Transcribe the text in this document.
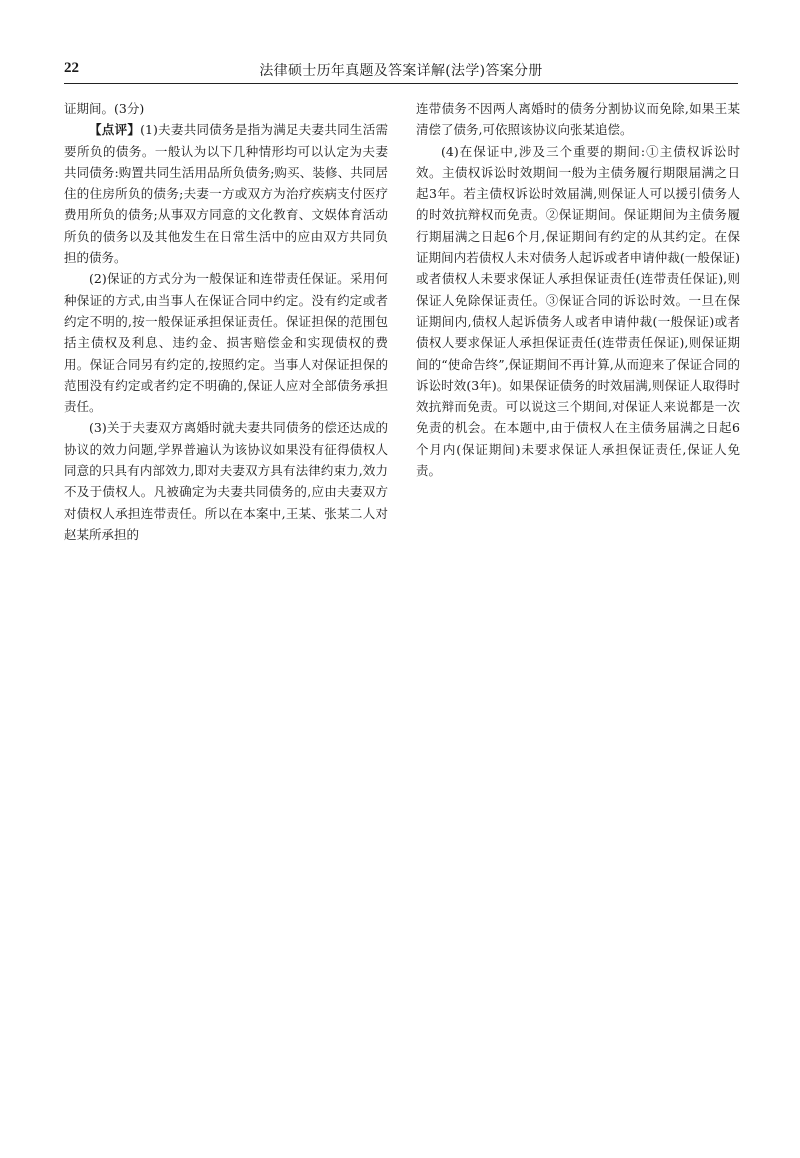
22	法律硕士历年真题及答案详解(法学)答案分册

证期间。(3分)

【点评】(1)夫妻共同债务是指为满足夫妻共同生活需要所负的债务。一般认为以下几种情形均可以认定为夫妻共同债务:购置共同生活用品所负债务;购买、装修、共同居住的住房所负的债务;夫妻一方或双方为治疗疾病支付医疗费用所负的债务;从事双方同意的文化教育、文娱体育活动所负的债务以及其他发生在日常生活中的应由双方共同负担的债务。

(2)保证的方式分为一般保证和连带责任保证。采用何种保证的方式,由当事人在保证合同中约定。没有约定或者约定不明的,按一般保证承担保证责任。保证担保的范围包括主债权及利息、违约金、损害赔偿金和实现债权的费用。保证合同另有约定的,按照约定。当事人对保证担保的范围没有约定或者约定不明确的,保证人应对全部债务承担责任。

(3)关于夫妻双方离婚时就夫妻共同债务的偿还达成的协议的效力问题,学界普遍认为该协议如果没有征得债权人同意的只具有内部效力,即对夫妻双方具有法律约束力,效力不及于债权人。凡被确定为夫妻共同债务的,应由夫妻双方对债权人承担连带责任。所以在本案中,王某、张某二人对赵某所承担的

连带债务不因两人离婚时的债务分割协议而免除,如果王某清偿了债务,可依照该协议向张某追偿。

(4)在保证中,涉及三个重要的期间:①主债权诉讼时效。主债权诉讼时效期间一般为主债务履行期限届满之日起3年。若主债权诉讼时效届满,则保证人可以援引债务人的时效抗辩权而免责。②保证期间。保证期间为主债务履行期届满之日起6个月,保证期间有约定的从其约定。在保证期间内若债权人未对债务人起诉或者申请仲裁(一般保证)或者债权人未要求保证人承担保证责任(连带责任保证),则保证人免除保证责任。③保证合同的诉讼时效。一旦在保证期间内,债权人起诉债务人或者申请仲裁(一般保证)或者债权人要求保证人承担保证责任(连带责任保证),则保证期间的“使命告终”,保证期间不再计算,从而迎来了保证合同的诉讼时效(3年)。如果保证债务的时效届满,则保证人取得时效抗辩而免责。可以说这三个期间,对保证人来说都是一次免责的机会。在本题中,由于债权人在主债务届满之日起6个月内(保证期间)未要求保证人承担保证责任,保证人免责。
